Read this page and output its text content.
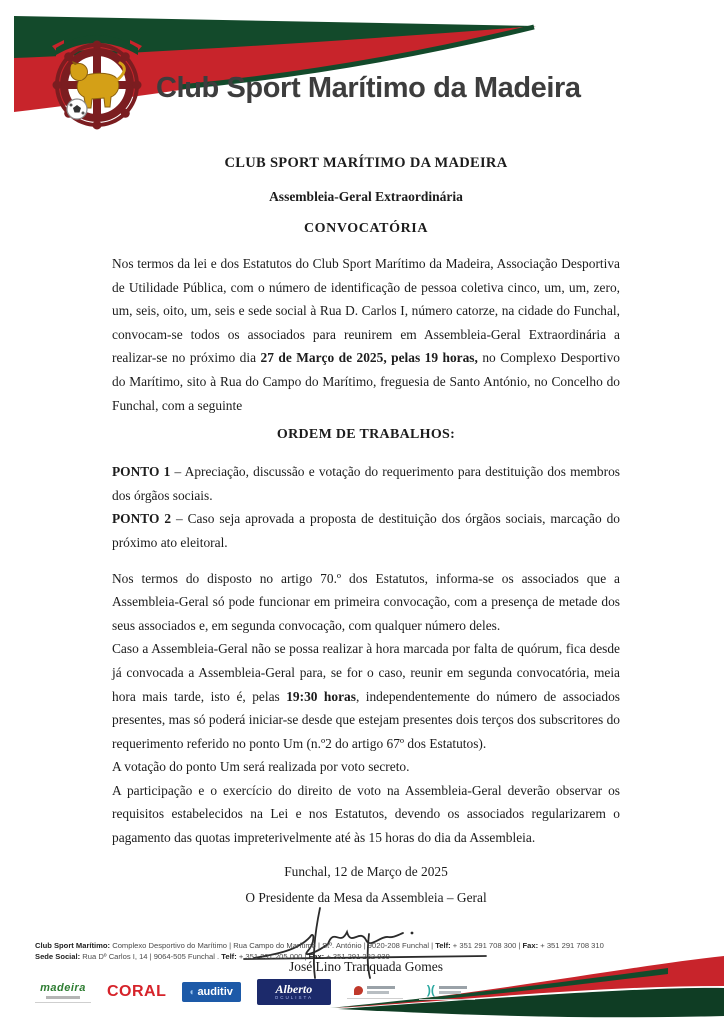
Club Sport Marítimo da Madeira
CLUB SPORT MARÍTIMO DA MADEIRA
Assembleia-Geral Extraordinária
CONVOCATÓRIA
Nos termos da lei e dos Estatutos do Club Sport Marítimo da Madeira, Associação Desportiva de Utilidade Pública, com o número de identificação de pessoa coletiva cinco, um, um, zero, um, seis, oito, um, seis e sede social à Rua D. Carlos I, número catorze, na cidade do Funchal, convocam-se todos os associados para reunirem em Assembleia-Geral Extraordinária a realizar-se no próximo dia 27 de Março de 2025, pelas 19 horas, no Complexo Desportivo do Marítimo, sito à Rua do Campo do Marítimo, freguesia de Santo António, no Concelho do Funchal, com a seguinte
ORDEM DE TRABALHOS:
PONTO 1 – Apreciação, discussão e votação do requerimento para destituição dos membros dos órgãos sociais.
PONTO 2 – Caso seja aprovada a proposta de destituição dos órgãos sociais, marcação do próximo ato eleitoral.
Nos termos do disposto no artigo 70.º dos Estatutos, informa-se os associados que a Assembleia-Geral só pode funcionar em primeira convocação, com a presença de metade dos seus associados e, em segunda convocação, com qualquer número deles.
Caso a Assembleia-Geral não se possa realizar à hora marcada por falta de quórum, fica desde já convocada a Assembleia-Geral para, se for o caso, reunir em segunda convocatória, meia hora mais tarde, isto é, pelas 19:30 horas, independentemente do número de associados presentes, mas só poderá iniciar-se desde que estejam presentes dois terços dos subscritores do requerimento referido no ponto Um (n.º2 do artigo 67º dos Estatutos).
A votação do ponto Um será realizada por voto secreto.
A participação e o exercício do direito de voto na Assembleia-Geral deverão observar os requisitos estabelecidos na Lei e nos Estatutos, devendo os associados regularizarem o pagamento das quotas impreterivelmente até às 15 horas do dia da Assembleia.
Funchal, 12 de Março de 2025
O Presidente da Mesa da Assembleia – Geral
José Lino Tranquada Gomes
Club Sport Marítimo: Complexo Desportivo do Marítimo | Rua Campo do Marítimo | Stº. António | 9020-208 Funchal | Telf: + 351 291 708 300 | Fax: + 351 291 708 310
Sede Social: Rua Dº Carlos I, 14 | 9064-505 Funchal . Telf: + 351 291 205 000 | Fax: + 351 291 222 939
madeira CORAL ◖ auditiv	Alberto
OCULISTA
)(
